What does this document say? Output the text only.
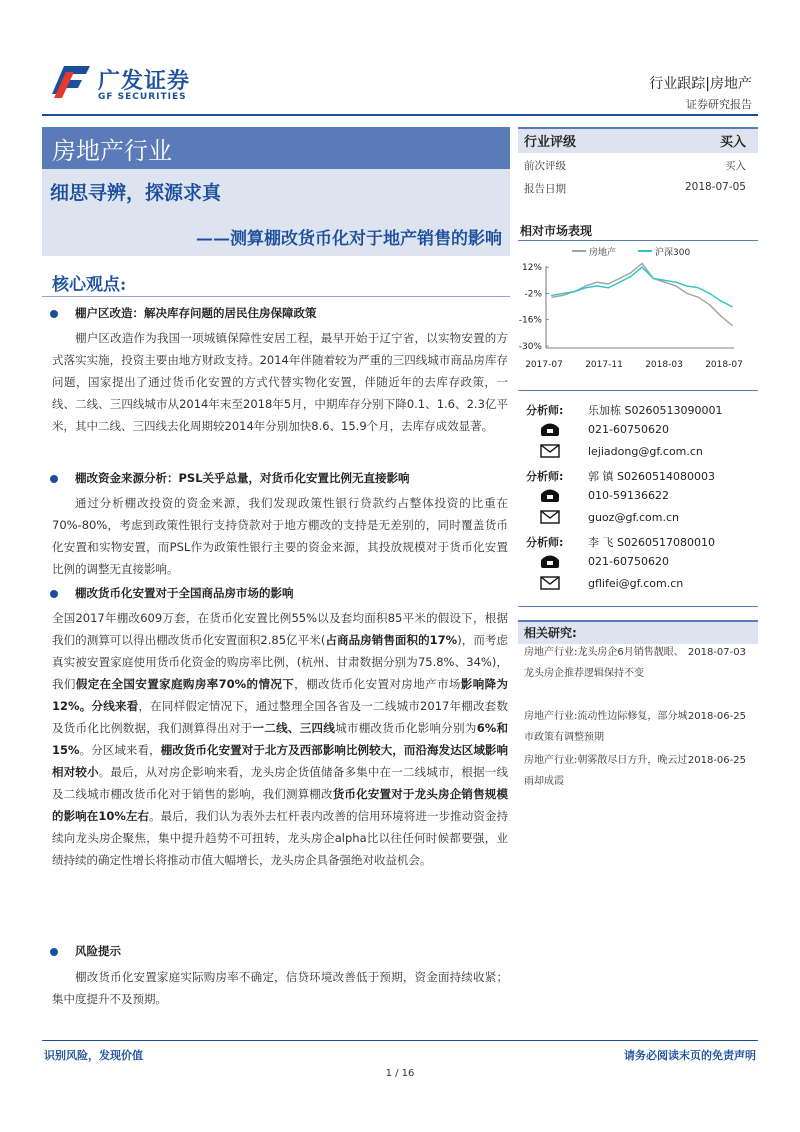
广发证券
GF SECURITIES
行业跟踪|房地产
证券研究报告
房地产行业
细思寻辨，探源求真
——测算棚改货币化对于地产销售的影响
行业评级	买入
前次评级	买入
报告日期	2018-07-05
相对市场表现
房地产	沪深300
12%
-2%
-16%
-30%
2017-07 2017-11 2018-03 2018-07
分析师: 乐加栋 S0260513090001
021-60750620
lejiadong@gf.com.cn
分析师: 郭 镇 S0260514080003
010-59136622
guoz@gf.com.cn
分析师: 李 飞 S0260517080010
021-60750620
gflifei@gf.com.cn
相关研究:
房地产行业:龙头房企6月销售靓眼、龙头房企推荐逻辑保持不变
2018-07-03
房地产行业:流动性边际修复，部分城市政策有调整预期
2018-06-25
房地产行业:朝雾散尽日方升，晚云过雨却成霞
2018-06-25
核心观点:
棚户区改造：解决库存问题的居民住房保障政策
棚户区改造作为我国一项城镇保障性安居工程，最早开始于辽宁省，以实物安置的方式落实实施，投资主要由地方财政支持。2014年伴随着较为严重的三四线城市商品房库存问题，国家提出了通过货币化安置的方式代替实物化安置，伴随近年的去库存政策，一线、二线、三四线城市从2014年末至2018年5月，中期库存分别下降0.1、1.6、2.3亿平米，其中二线、三四线去化周期较2014年分别加快8.6、15.9个月，去库存成效显著。
棚改资金来源分析：PSL关乎总量，对货币化安置比例无直接影响
通过分析棚改投资的资金来源，我们发现政策性银行贷款约占整体投资的比重在70%-80%，考虑到政策性银行支持贷款对于地方棚改的支持是无差别的，同时覆盖货币化安置和实物安置，而PSL作为政策性银行主要的资金来源，其投放规模对于货币化安置比例的调整无直接影响。
棚改货币化安置对于全国商品房市场的影响
全国2017年棚改609万套，在货币化安置比例55%以及套均面积85平米的假设下，根据我们的测算可以得出棚改货币化安置面积2.85亿平米(占商品房销售面积的17%)，而考虑真实被安置家庭使用货币化资金的购房率比例，(杭州、甘肃数据分别为75.8%、34%)，我们假定在全国安置家庭购房率70%的情况下，棚改货币化安置对房地产市场影响降为12%。分线来看，在同样假定情况下，通过整理全国各省及一二线城市2017年棚改套数及货币化比例数据，我们测算得出对于一二线、三四线城市棚改货币化影响分别为6%和15%。分区域来看，棚改货币化安置对于北方及西部影响比例较大，而沿海发达区域影响相对较小。最后，从对房企影响来看，龙头房企货值储备多集中在一二线城市，根据一线及二线城市棚改货币化对于销售的影响，我们测算棚改货币化安置对于龙头房企销售规模的影响在10%左右。最后，我们认为表外去杠杆表内改善的信用环境将进一步推动资金持续向龙头房企聚焦，集中提升趋势不可扭转，龙头房企alpha比以往任何时候都要强，业绩持续的确定性增长将推动市值大幅增长，龙头房企具备强绝对收益机会。
风险提示
棚改货币化安置家庭实际购房率不确定，信贷环境改善低于预期，资金面持续收紧；集中度提升不及预期。
识别风险，发现价值	请务必阅读末页的免责声明
1 / 16
